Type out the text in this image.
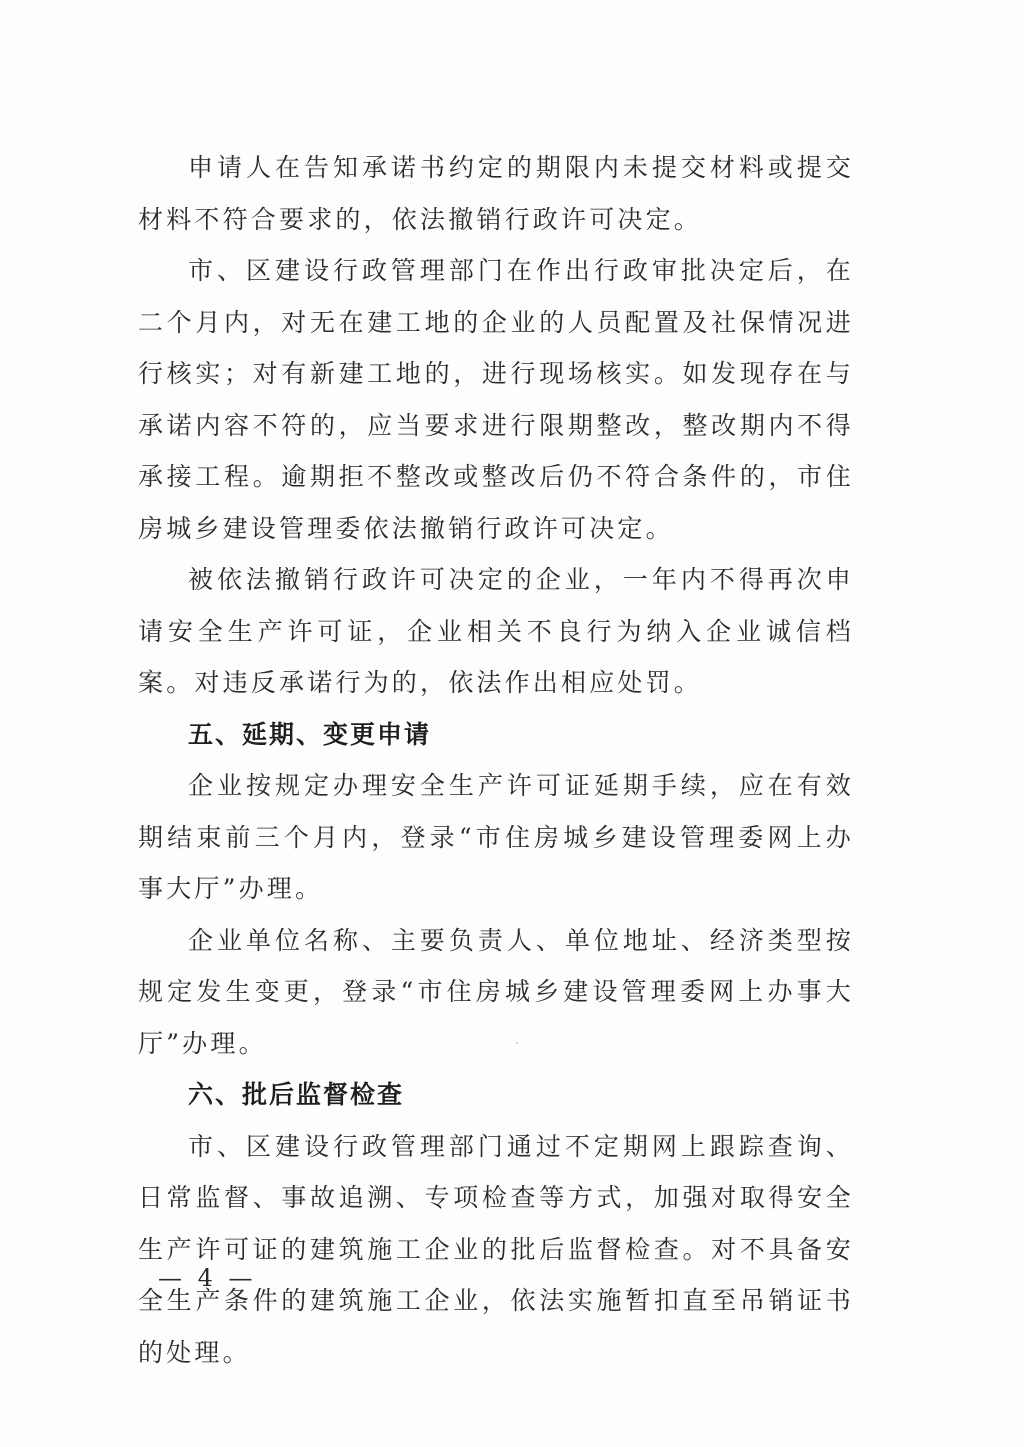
申请人在告知承诺书约定的期限内未提交材料或提交材料不符合要求的，依法撤销行政许可决定。

市、区建设行政管理部门在作出行政审批决定后，在二个月内，对无在建工地的企业的人员配置及社保情况进行核实；对有新建工地的，进行现场核实。如发现存在与承诺内容不符的，应当要求进行限期整改，整改期内不得承接工程。逾期拒不整改或整改后仍不符合条件的，市住房城乡建设管理委依法撤销行政许可决定。

被依法撤销行政许可决定的企业，一年内不得再次申请安全生产许可证，企业相关不良行为纳入企业诚信档案。对违反承诺行为的，依法作出相应处罚。

五、延期、变更申请

企业按规定办理安全生产许可证延期手续，应在有效期结束前三个月内，登录“市住房城乡建设管理委网上办事大厅”办理。

企业单位名称、主要负责人、单位地址、经济类型按规定发生变更，登录“市住房城乡建设管理委网上办事大厅”办理。

六、批后监督检查

市、区建设行政管理部门通过不定期网上跟踪查询、日常监督、事故追溯、专项检查等方式，加强对取得安全生产许可证的建筑施工企业的批后监督检查。对不具备安全生产条件的建筑施工企业，依法实施暂扣直至吊销证书的处理。

— 4 —
